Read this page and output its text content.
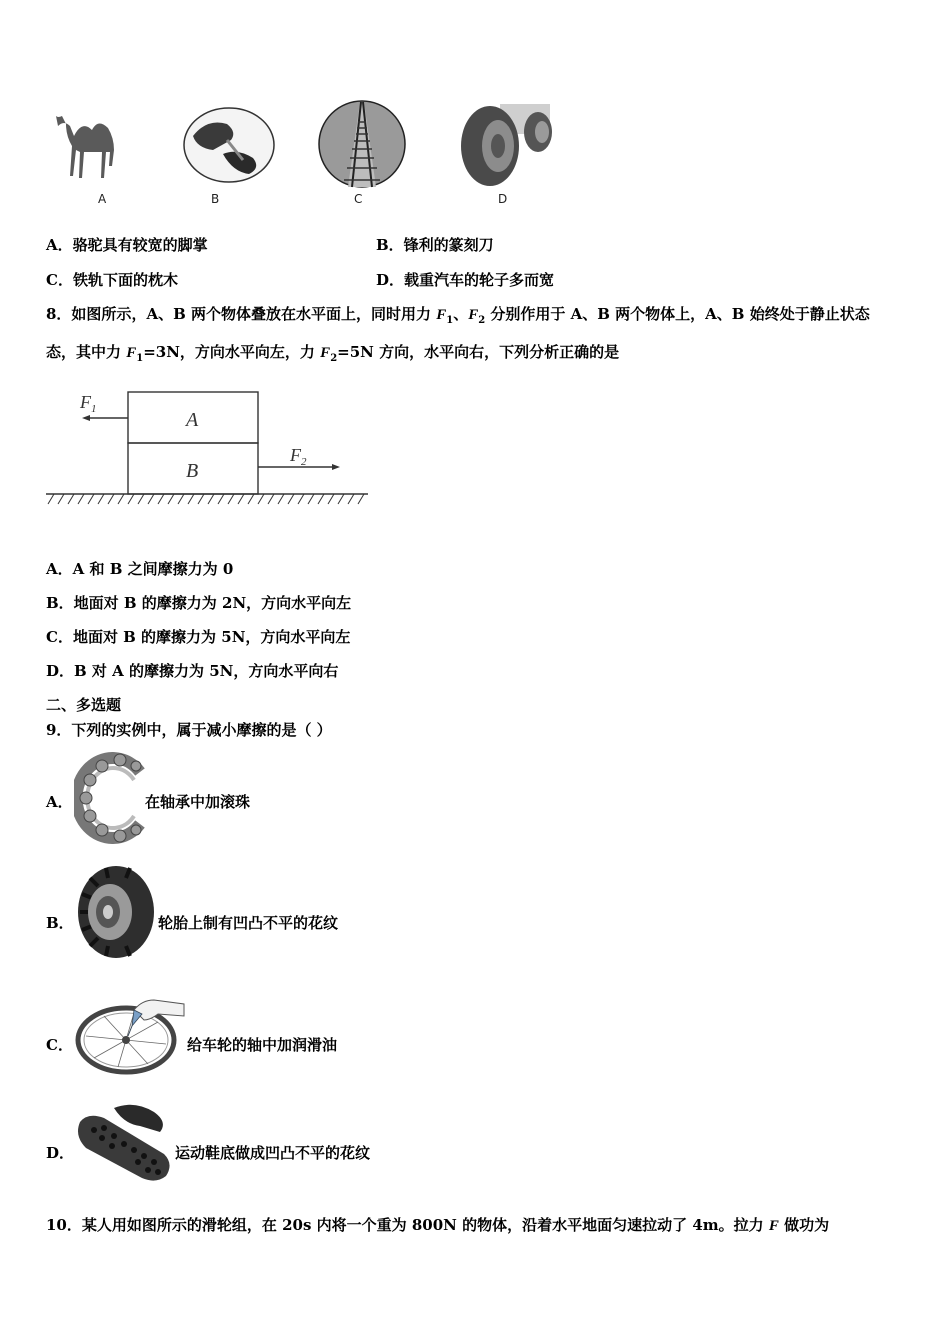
A	B	C	D
A．骆驼具有较宽的脚掌	B．锋利的篆刻刀
C．铁轨下面的枕木	D．载重汽车的轮子多而宽
8．如图所示，A、B 两个物体叠放在水平面上，同时用力 $F_1$、$F_2$ 分别作用于 A、B 两个物体上，A、B 始终处于静止状态
态，其中力 $F_1=3N$，方向水平向左，力 $F_2=5N$ 方向，水平向右，下列分析正确的是
$F_1$
$F_2$
A
B
A．A 和 B 之间摩擦力为 0
B．地面对 B 的摩擦力为 2N，方向水平向左
C．地面对 B 的摩擦力为 5N，方向水平向左
D．B 对 A 的摩擦力为 5N，方向水平向右
二、多选题
9．下列的实例中，属于减小摩擦的是（ ）
A．	在轴承中加滚珠
B．	轮胎上制有凹凸不平的花纹
C．	给车轮的轴中加润滑油
D．	运动鞋底做成凹凸不平的花纹
10．某人用如图所示的滑轮组，在 20s 内将一个重为 800N 的物体，沿着水平地面匀速拉动了 4m。拉力 F 做功为
